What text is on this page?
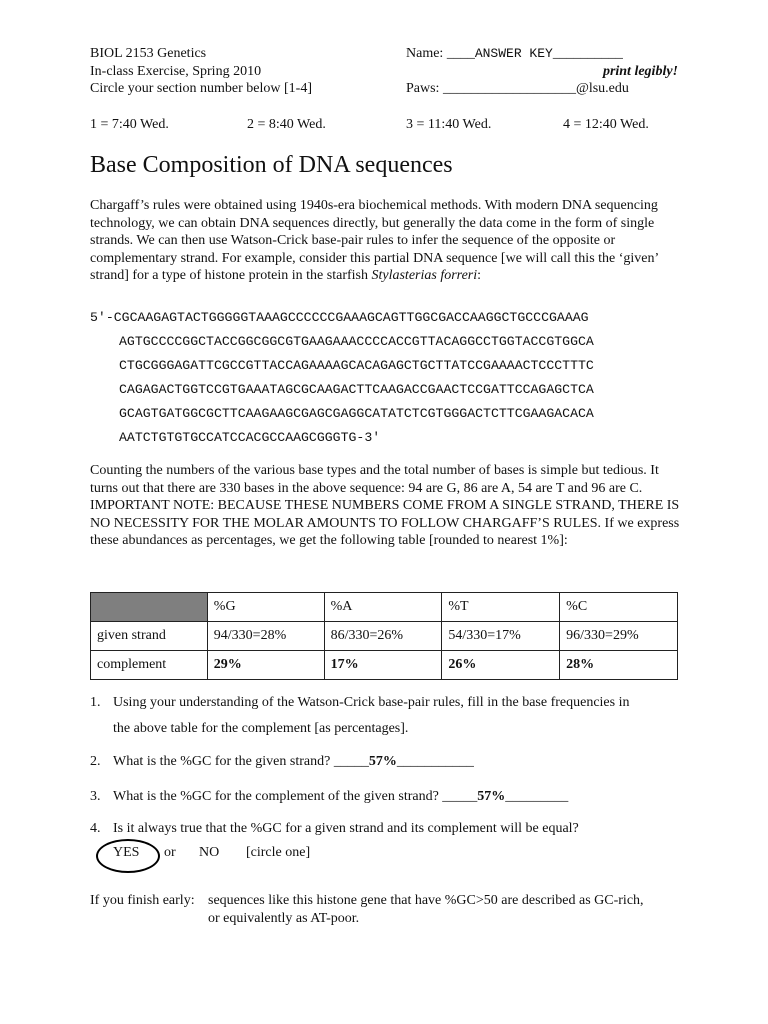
BIOL 2153 Genetics
In-class Exercise, Spring 2010
Circle your section number below [1-4]
Name: ____ANSWER KEY__________
print legibly!
Paws: ___________________@lsu.edu
1 = 7:40 Wed.	2 = 8:40 Wed.	3 = 11:40 Wed.	4 = 12:40 Wed.
Base Composition of DNA sequences

Chargaff’s rules were obtained using 1940s-era biochemical methods. With modern DNA sequencing technology, we can obtain DNA sequences directly, but generally the data come in the form of single strands. We can then use Watson-Crick base-pair rules to infer the sequence of the opposite or complementary strand. For example, consider this partial DNA sequence [we will call this the ‘given’ strand] for a type of histone protein in the starfish Stylasterias forreri:

5'-CGCAAGAGTACTGGGGGTAAAGCCCCCCGAAAGCAGTTGGCGACCAAGGCTGCCCGAAAG
AGTGCCCCGGCTACCGGCGGCGTGAAGAAACCCCACCGTTACAGGCCTGGTACCGTGGCA
CTGCGGGAGATTCGCCGTTACCAGAAAAGCACAGAGCTGCTTATCCGAAAACTCCCTTTC
CAGAGACTGGTCCGTGAAATAGCGCAAGACTTCAAGACCGAACTCCGATTCCAGAGCTCA
GCAGTGATGGCGCTTCAAGAAGCGAGCGAGGCATATCTCGTGGGACTCTTCGAAGACACA
AATCTGTGTGCCATCCACGCCAAGCGGGTG-3'

Counting the numbers of the various base types and the total number of bases is simple but tedious. It turns out that there are 330 bases in the above sequence: 94 are G, 86 are A, 54 are T and 96 are C. IMPORTANT NOTE: BECAUSE THESE NUMBERS COME FROM A SINGLE STRAND, THERE IS NO NECESSITY FOR THE MOLAR AMOUNTS TO FOLLOW CHARGAFF’S RULES. If we express these abundances as percentages, we get the following table [rounded to nearest 1%]:

	%G	%A	%T	%C
given strand	94/330=28%	86/330=26%	54/330=17%	96/330=29%
complement	29%	17%	26%	28%
1. Using your understanding of the Watson-Crick base-pair rules, fill in the base frequencies in
the above table for the complement [as percentages].
2. What is the %GC for the given strand? _____57%___________
3. What is the %GC for the complement of the given strand? _____57%_________
4. Is it always true that the %GC for a given strand and its complement will be equal?
YES or NO [circle one]
If you finish early: sequences like this histone gene that have %GC>50 are described as GC-rich,
or equivalently as AT-poor.
